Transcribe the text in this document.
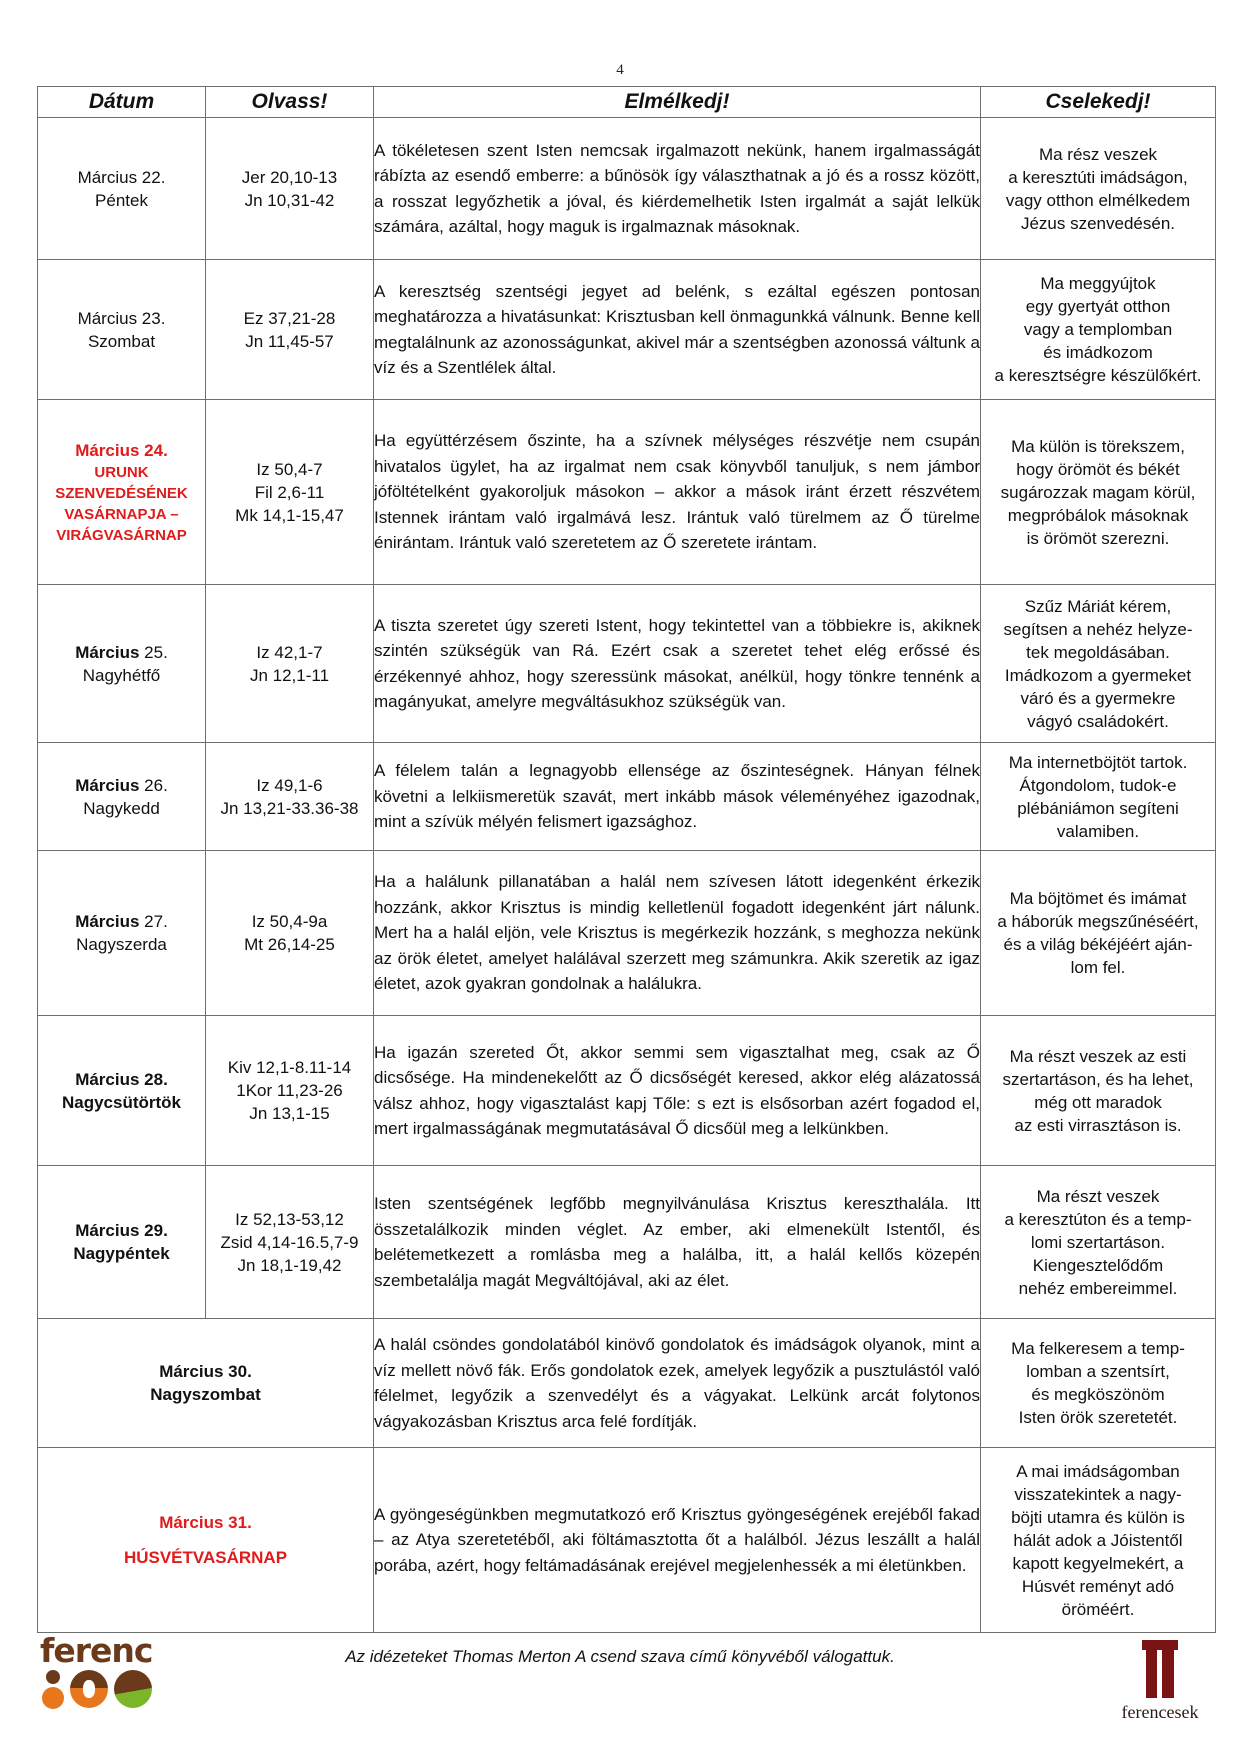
4
Dátum	Olvass!	Elmélkedj!	Cselekedj!

Március 22.
Péntek

Jer 20,10-13
Jn 10,31-42
	A tökéletesen szent Isten nemcsak irgalmazott nekünk, hanem irgalmasságát rábízta az esendő emberre: a bűnösök így választhatnak a jó és a rossz között, a rosszat legyőzhetik a jóval, és kiérdemelhetik Isten irgalmát a saját lelkük számára, azáltal, hogy maguk is irgalmaznak másoknak.	
Ma rész veszek
a keresztúti imádságon,
vagy otthon elmélkedem
Jézus szenvedésén.

Március 23.
Szombat

Ez 37,21-28
Jn 11,45-57
	A keresztség szentségi jegyet ad belénk, s ezáltal egészen pontosan meghatározza a hivatásunkat: Krisztusban kell önmagunkká válnunk. Benne kell megtalálnunk az azonosságunkat, akivel már a szentségben azonossá váltunk a víz és a Szentlélek által.	
Ma meggyújtok
egy gyertyát otthon
vagy a templomban
és imádkozom
a keresztségre készülőkért.

Március 24.
URUNK
SZENVEDÉSÉNEK
VASÁRNAPJA –
VIRÁGVASÁRNAP

Iz 50,4-7
Fil 2,6-11
Mk 14,1-15,47
	Ha együttérzésem őszinte, ha a szívnek mélységes részvétje nem csupán hivatalos ügylet, ha az irgalmat nem csak könyvből tanuljuk, s nem jámbor jóföltételként gyakoroljuk másokon – akkor a mások iránt érzett részvétem Istennek irántam való irgalmává lesz. Irántuk való türelmem az Ő türelme énirántam. Irántuk való szeretetem az Ő szeretete irántam.	
Ma külön is törekszem,
hogy örömöt és békét
sugározzak magam körül,
megpróbálok másoknak
is örömöt szerezni.

Március 25.
Nagyhétfő

Iz 42,1-7
Jn 12,1-11
	A tiszta szeretet úgy szereti Istent, hogy tekintettel van a többiekre is, akiknek szintén szükségük van Rá. Ezért csak a szeretet tehet elég erőssé és érzékennyé ahhoz, hogy szeressünk másokat, anélkül, hogy tönkre tennénk a magányukat, amelyre megváltásukhoz szükségük van.	
Szűz Máriát kérem,
segítsen a nehéz helyze-
tek megoldásában.
Imádkozom a gyermeket
váró és a gyermekre
vágyó családokért.

Március 26.
Nagykedd	Iz 49,1-6
Jn 13,21-33.36-38	A félelem talán a legnagyobb ellensége az őszinteségnek. Hányan félnek követni a lelkiismeretük szavát, mert inkább mások véleményéhez igazodnak, mint a szívük mélyén felismert igazsághoz.	Ma internetböjtöt tartok.
Átgondolom, tudok-e
plébániámon segíteni
valamiben.

Március 27.
Nagyszerda

Iz 50,4-9a
Mt 26,14-25
	Ha a halálunk pillanatában a halál nem szívesen látott idegenként érkezik hozzánk, akkor Krisztus is mindig kelletlenül fogadott idegenként járt nálunk. Mert ha a halál eljön, vele Krisztus is megérkezik hozzánk, s meghozza nekünk az örök életet, amelyet halálával szerzett meg számunkra. Akik szeretik az igaz életet, azok gyakran gondolnak a halálukra.	
Ma böjtömet és imámat
a háborúk megszűnéséért,
és a világ békéjéért aján-
lom fel.

Március 28.
Nagycsütörtök

Kiv 12,1-8.11-14
1Kor 11,23-26
Jn 13,1-15
	Ha igazán szereted Őt, akkor semmi sem vigasztalhat meg, csak az Ő dicsősége. Ha mindenekelőtt az Ő dicsőségét keresed, akkor elég alázatossá válsz ahhoz, hogy vigasztalást kapj Tőle: s ezt is elsősorban azért fogadod el, mert irgalmasságának megmutatásával Ő dicsőül meg a lelkünkben.	
Ma részt veszek az esti
szertartáson, és ha lehet,
még ott maradok
az esti virrasztáson is.

Március 29.
Nagypéntek

Iz 52,13-53,12
Zsid 4,14-16.5,7-9
Jn 18,1-19,42
	Isten szentségének legfőbb megnyilvánulása Krisztus kereszthalála. Itt összetalálkozik minden véglet. Az ember, aki elmenekült Istentől, és belétemetkezett a romlásba meg a halálba, itt, a halál kellős közepén szembetalálja magát Megváltójával, aki az élet.	
Ma részt veszek
a keresztúton és a temp-
lomi szertartáson.
Kiengesztelődőm
nehéz embereimmel.

Március 30.
Nagyszombat
	A halál csöndes gondolatából kinövő gondolatok és imádságok olyanok, mint a víz mellett növő fák. Erős gondolatok ezek, amelyek legyőzik a pusztulástól való félelmet, legyőzik a szenvedélyt és a vágyakat. Lelkünk arcát folytonos vágyakozásban Krisztus arca felé fordítják.	
Ma felkeresem a temp-
lomban a szentsírt,
és megköszönöm
Isten örök szeretetét.

Március 31.
HÚSVÉTVASÁRNAP
	A gyöngeségünkben megmutatkozó erő Krisztus gyöngeségének erejéből fakad – az Atya szeretetéből, aki föltámasztotta őt a halálból. Jézus leszállt a halál porába, azért, hogy feltámadásának erejével megjelenhessék a mi életünkben.	
A mai imádságomban
visszatekintek a nagy-
böjti utamra és külön is
hálát adok a Jóistentől
kapott kegyelmekért, a
Húsvét reményt adó
öröméért.
ferenc	Az idézeteket Thomas Merton A csend szava című könyvéből válogattuk.
ferencesek
